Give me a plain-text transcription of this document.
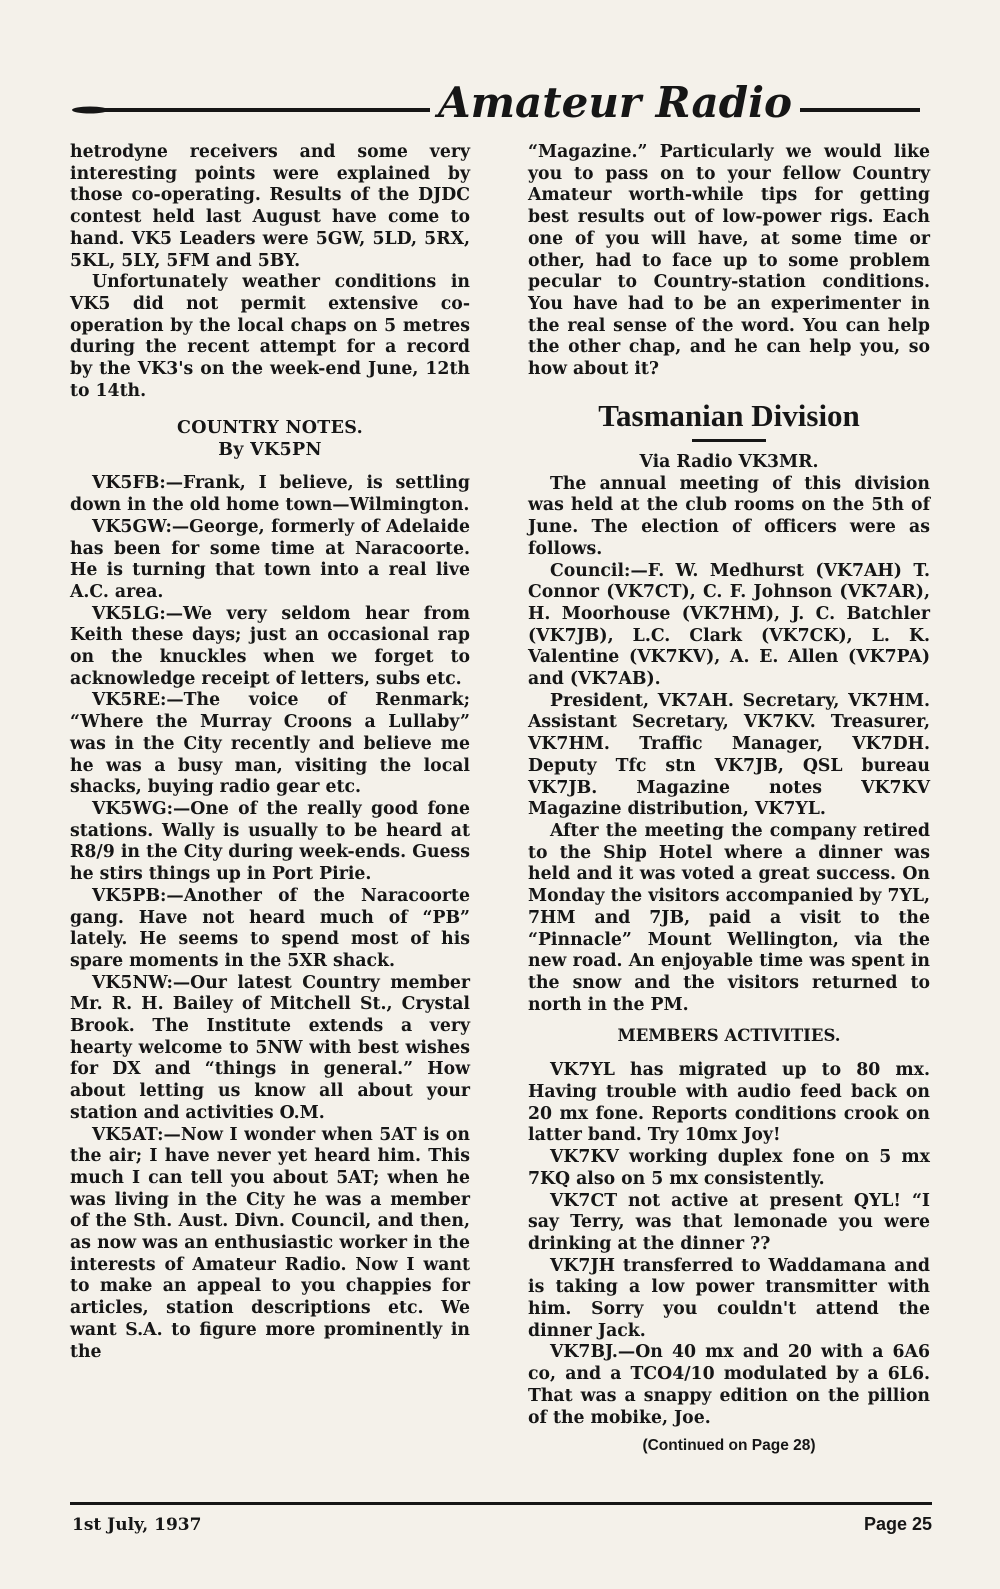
Amateur Radio

hetrodyne receivers and some very interesting points were explained by those co-operating. Results of the DJDC contest held last August have come to hand. VK5 Leaders were 5GW, 5LD, 5RX, 5KL, 5LY, 5FM and 5BY.

Unfortunately weather conditions in VK5 did not permit extensive co-operation by the local chaps on 5 metres during the recent attempt for a record by the VK3's on the week-end June, 12th to 14th.

COUNTRY NOTES.
By VK5PN

VK5FB:—Frank, I believe, is settling down in the old home town—Wilmington.

VK5GW:—George, formerly of Adelaide has been for some time at Naracoorte. He is turning that town into a real live A.C. area.

VK5LG:—We very seldom hear from Keith these days; just an occasional rap on the knuckles when we forget to acknowledge receipt of letters, subs etc.

VK5RE:—The voice of Renmark; “Where the Murray Croons a Lullaby” was in the City recently and believe me he was a busy man, visiting the local shacks, buying radio gear etc.

VK5WG:—One of the really good fone stations. Wally is usually to be heard at R8/9 in the City during week-ends. Guess he stirs things up in Port Pirie.

VK5PB:—Another of the Naracoorte gang. Have not heard much of “PB” lately. He seems to spend most of his spare moments in the 5XR shack.

VK5NW:—Our latest Country member Mr. R. H. Bailey of Mitchell St., Crystal Brook. The Institute extends a very hearty welcome to 5NW with best wishes for DX and “things in general.” How about letting us know all about your station and activities O.M.

VK5AT:—Now I wonder when 5AT is on the air; I have never yet heard him. This much I can tell you about 5AT; when he was living in the City he was a member of the Sth. Aust. Divn. Council, and then, as now was an enthusiastic worker in the interests of Amateur Radio. Now I want to make an appeal to you chappies for articles, station descriptions etc. We want S.A. to figure more prominently in the

“Magazine.” Particularly we would like you to pass on to your fellow Country Amateur worth-while tips for getting best results out of low-power rigs. Each one of you will have, at some time or other, had to face up to some problem pecular to Country-station conditions. You have had to be an experimenter in the real sense of the word. You can help the other chap, and he can help you, so how about it?

Tasmanian Division
Via Radio VK3MR.

The annual meeting of this division was held at the club rooms on the 5th of June. The election of officers were as follows.

Council:—F. W. Medhurst (VK7AH) T. Connor (VK7CT), C. F. Johnson (VK7AR), H. Moorhouse (VK7HM), J. C. Batchler (VK7JB), L.C. Clark (VK7CK), L. K. Valentine (VK7KV), A. E. Allen (VK7PA) and (VK7AB).

President, VK7AH. Secretary, VK7HM. Assistant Secretary, VK7KV. Treasurer, VK7HM. Traffic Manager, VK7DH. Deputy Tfc stn VK7JB, QSL bureau VK7JB. Magazine notes VK7KV Magazine distribution, VK7YL.

After the meeting the company retired to the Ship Hotel where a dinner was held and it was voted a great success. On Monday the visitors accompanied by 7YL, 7HM and 7JB, paid a visit to the “Pinnacle” Mount Wellington, via the new road. An enjoyable time was spent in the snow and the visitors returned to north in the PM.

MEMBERS ACTIVITIES.

VK7YL has migrated up to 80 mx. Having trouble with audio feed back on 20 mx fone. Reports conditions crook on latter band. Try 10mx Joy!

VK7KV working duplex fone on 5 mx 7KQ also on 5 mx consistently.

VK7CT not active at present QYL! “I say Terry, was that lemonade you were drinking at the dinner ??

VK7JH transferred to Waddamana and is taking a low power transmitter with him. Sorry you couldn't attend the dinner Jack.

VK7BJ.—On 40 mx and 20 with a 6A6 co, and a TCO4/10 modulated by a 6L6. That was a snappy edition on the pillion of the mobike, Joe.

(Continued on Page 28)
1st July, 1937	Page 25
